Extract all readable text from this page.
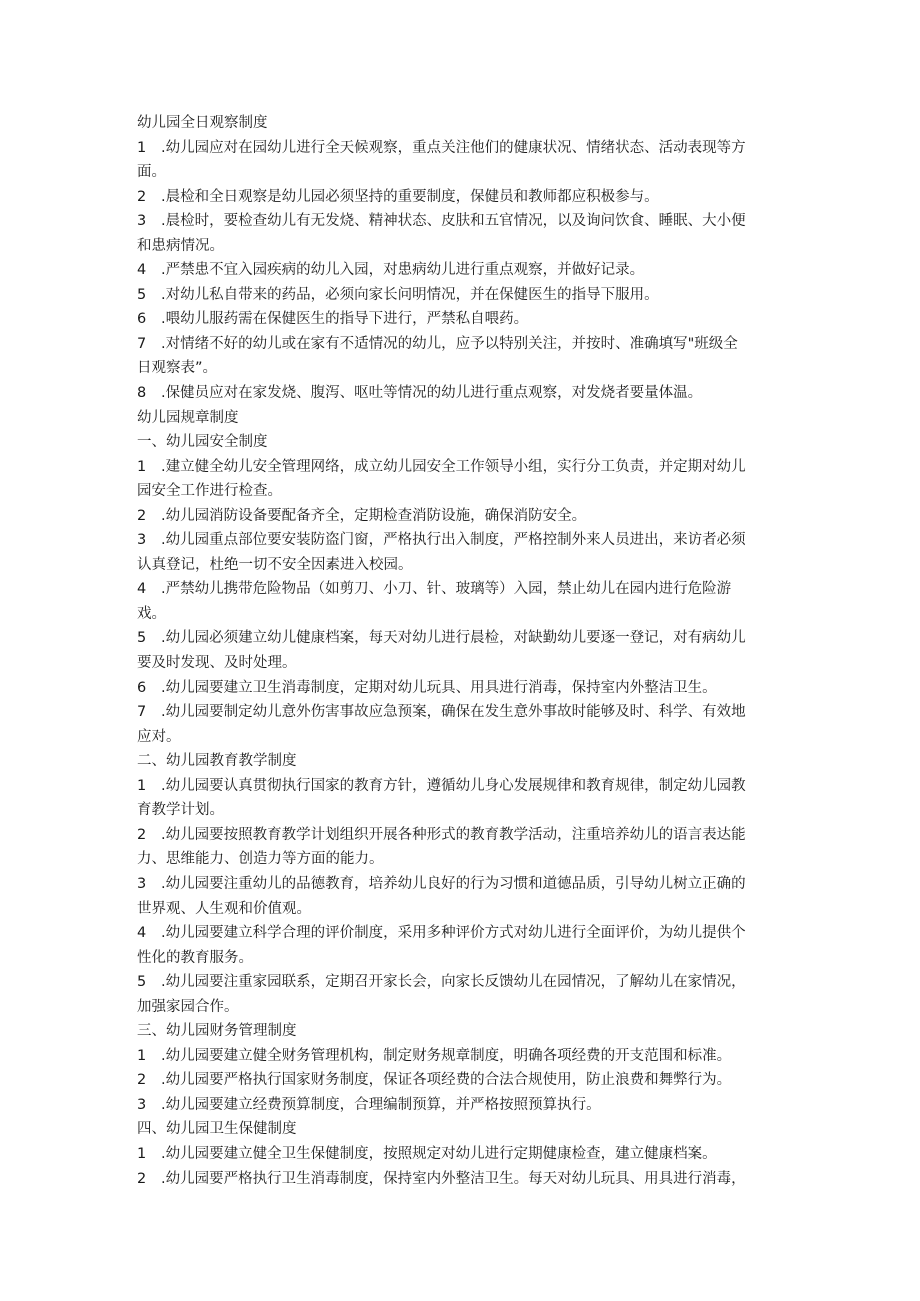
幼儿园全日观察制度
1	.幼儿园应对在园幼儿进行全天候观察，重点关注他们的健康状况、情绪状态、活动表现等方
面。
2	.晨检和全日观察是幼儿园必须坚持的重要制度，保健员和教师都应积极参与。
3	.晨检时，要检查幼儿有无发烧、精神状态、皮肤和五官情况，以及询问饮食、睡眠、大小便
和患病情况。
4	.严禁患不宜入园疾病的幼儿入园，对患病幼儿进行重点观察，并做好记录。
5	.对幼儿私自带来的药品，必须向家长问明情况，并在保健医生的指导下服用。
6	.喂幼儿服药需在保健医生的指导下进行，严禁私自喂药。
7	.对情绪不好的幼儿或在家有不适情况的幼儿，应予以特别关注，并按时、准确填写"班级全
日观察表”。
8	.保健员应对在家发烧、腹泻、呕吐等情况的幼儿进行重点观察，对发烧者要量体温。
幼儿园规章制度
一、幼儿园安全制度
1	.建立健全幼儿安全管理网络，成立幼儿园安全工作领导小组，实行分工负责，并定期对幼儿
园安全工作进行检查。
2	.幼儿园消防设备要配备齐全，定期检查消防设施，确保消防安全。
3	.幼儿园重点部位要安装防盗门窗，严格执行出入制度，严格控制外来人员进出，来访者必须
认真登记，杜绝一切不安全因素进入校园。
4	.严禁幼儿携带危险物品（如剪刀、小刀、针、玻璃等）入园，禁止幼儿在园内进行危险游
戏。
5	.幼儿园必须建立幼儿健康档案，每天对幼儿进行晨检，对缺勤幼儿要逐一登记，对有病幼儿
要及时发现、及时处理。
6	.幼儿园要建立卫生消毒制度，定期对幼儿玩具、用具进行消毒，保持室内外整洁卫生。
7	.幼儿园要制定幼儿意外伤害事故应急预案，确保在发生意外事故时能够及时、科学、有效地
应对。
二、幼儿园教育教学制度
1	.幼儿园要认真贯彻执行国家的教育方针，遵循幼儿身心发展规律和教育规律，制定幼儿园教
育教学计划。
2	.幼儿园要按照教育教学计划组织开展各种形式的教育教学活动，注重培养幼儿的语言表达能
力、思维能力、创造力等方面的能力。
3	.幼儿园要注重幼儿的品德教育，培养幼儿良好的行为习惯和道德品质，引导幼儿树立正确的
世界观、人生观和价值观。
4	.幼儿园要建立科学合理的评价制度，采用多种评价方式对幼儿进行全面评价，为幼儿提供个
性化的教育服务。
5	.幼儿园要注重家园联系，定期召开家长会，向家长反馈幼儿在园情况，了解幼儿在家情况，
加强家园合作。
三、幼儿园财务管理制度
1	.幼儿园要建立健全财务管理机构，制定财务规章制度，明确各项经费的开支范围和标准。
2	.幼儿园要严格执行国家财务制度，保证各项经费的合法合规使用，防止浪费和舞弊行为。
3	.幼儿园要建立经费预算制度，合理编制预算，并严格按照预算执行。
四、幼儿园卫生保健制度
1	.幼儿园要建立健全卫生保健制度，按照规定对幼儿进行定期健康检查，建立健康档案。
2	.幼儿园要严格执行卫生消毒制度，保持室内外整洁卫生。每天对幼儿玩具、用具进行消毒，
